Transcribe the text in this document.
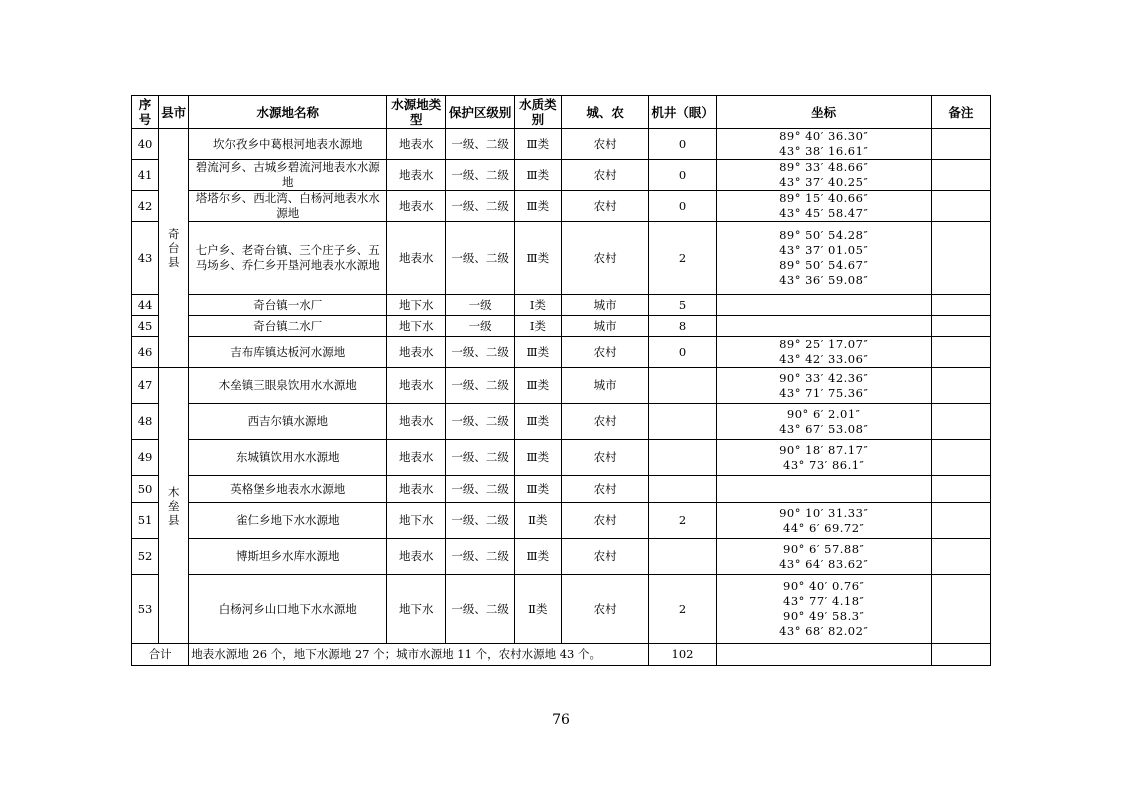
序号	县市	水源地名称	水源地类型	保护区级别	水质类别	城、农	机井（眼）	坐标	备注
40	奇台县	坎尔孜乡中葛根河地表水源地	地表水	一级、二级	Ⅲ类	农村	0	89° 40′ 36.30″
43° 38′ 16.61″	

41		碧流河乡、古城乡碧流河地表水水源地	地表水	一级、二级	Ⅲ类	农村	0	89° 33′ 48.66″
43° 37′ 40.25″	

42		塔塔尔乡、西北湾、白杨河地表水水源地	地表水	一级、二级	Ⅲ类	农村	0	89° 15′ 40.66″
43° 45′ 58.47″	

43		七户乡、老奇台镇、三个庄子乡、五马场乡、乔仁乡开垦河地表水水源地	地表水	一级、二级	Ⅲ类	农村	2	89° 50′ 54.28″
43° 37′ 01.05″
89° 50′ 54.67″
43° 36′ 59.08″	

44		奇台镇一水厂	地下水	一级	Ⅰ类	城市	5		
45		奇台镇二水厂	地下水	一级	Ⅰ类	城市	8		
46		吉布库镇达板河水源地	地表水	一级、二级	Ⅲ类	农村	0	89° 25′ 17.07″
43° 42′ 33.06″	

47	木垒县	木垒镇三眼泉饮用水水源地	地表水	一级、二级	Ⅲ类	城市		90° 33′ 42.36″
43° 71′ 75.36″	

48		西吉尔镇水源地	地表水	一级、二级	Ⅲ类	农村		90° 6′ 2.01″
43° 67′ 53.08″	

49		东城镇饮用水水源地	地表水	一级、二级	Ⅲ类	农村		90° 18′ 87.17″
43° 73′ 86.1″	

50		英格堡乡地表水水源地	地表水	一级、二级	Ⅲ类	农村			
51		雀仁乡地下水水源地	地下水	一级、二级	Ⅱ类	农村	2	90° 10′ 31.33″
44° 6′ 69.72″	

52		博斯坦乡水库水源地	地表水	一级、二级	Ⅲ类	农村		90° 6′ 57.88″
43° 64′ 83.62″	

53		白杨河乡山口地下水水源地	地下水	一级、二级	Ⅱ类	农村	2	90° 40′ 0.76″
43° 77′ 4.18″
90° 49′ 58.3″
43° 68′ 82.02″	

合计		地表水源地 26 个，地下水源地 27 个；城市水源地 11 个，农村水源地 43 个。					102		
76
